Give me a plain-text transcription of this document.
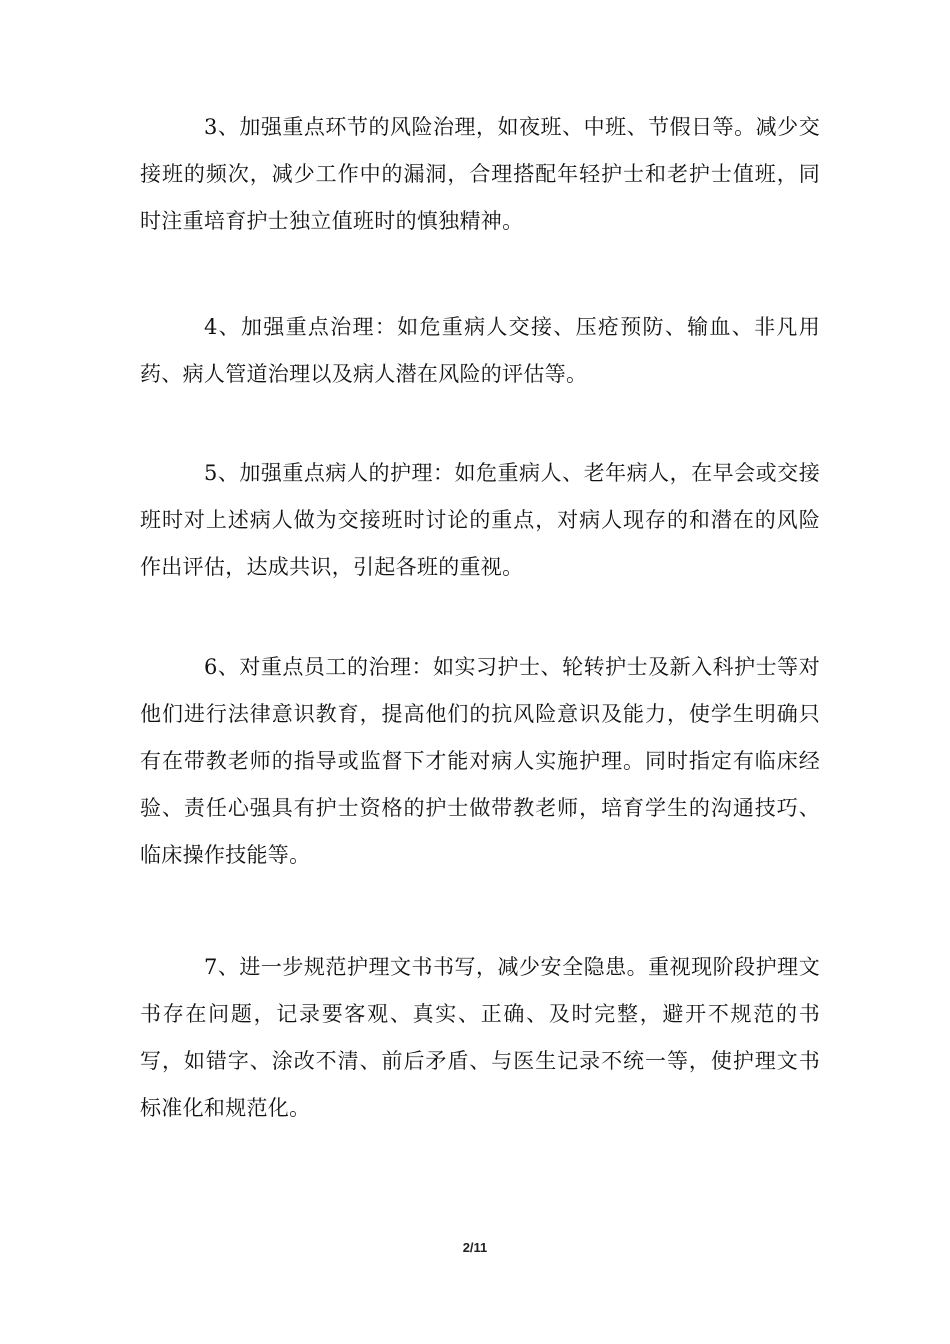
3、加强重点环节的风险治理，如夜班、中班、节假日等。减少交接班的频次，减少工作中的漏洞，合理搭配年轻护士和老护士值班，同时注重培育护士独立值班时的慎独精神。

4、加强重点治理：如危重病人交接、压疮预防、输血、非凡用药、病人管道治理以及病人潜在风险的评估等。

5、加强重点病人的护理：如危重病人、老年病人，在早会或交接班时对上述病人做为交接班时讨论的重点，对病人现存的和潜在的风险作出评估，达成共识，引起各班的重视。

6、对重点员工的治理：如实习护士、轮转护士及新入科护士等对他们进行法律意识教育，提高他们的抗风险意识及能力，使学生明确只有在带教老师的指导或监督下才能对病人实施护理。同时指定有临床经验、责任心强具有护士资格的护士做带教老师，培育学生的沟通技巧、临床操作技能等。

7、进一步规范护理文书书写，减少安全隐患。重视现阶段护理文书存在问题，记录要客观、真实、正确、及时完整，避开不规范的书写，如错字、涂改不清、前后矛盾、与医生记录不统一等，使护理文书标准化和规范化。

2/11
